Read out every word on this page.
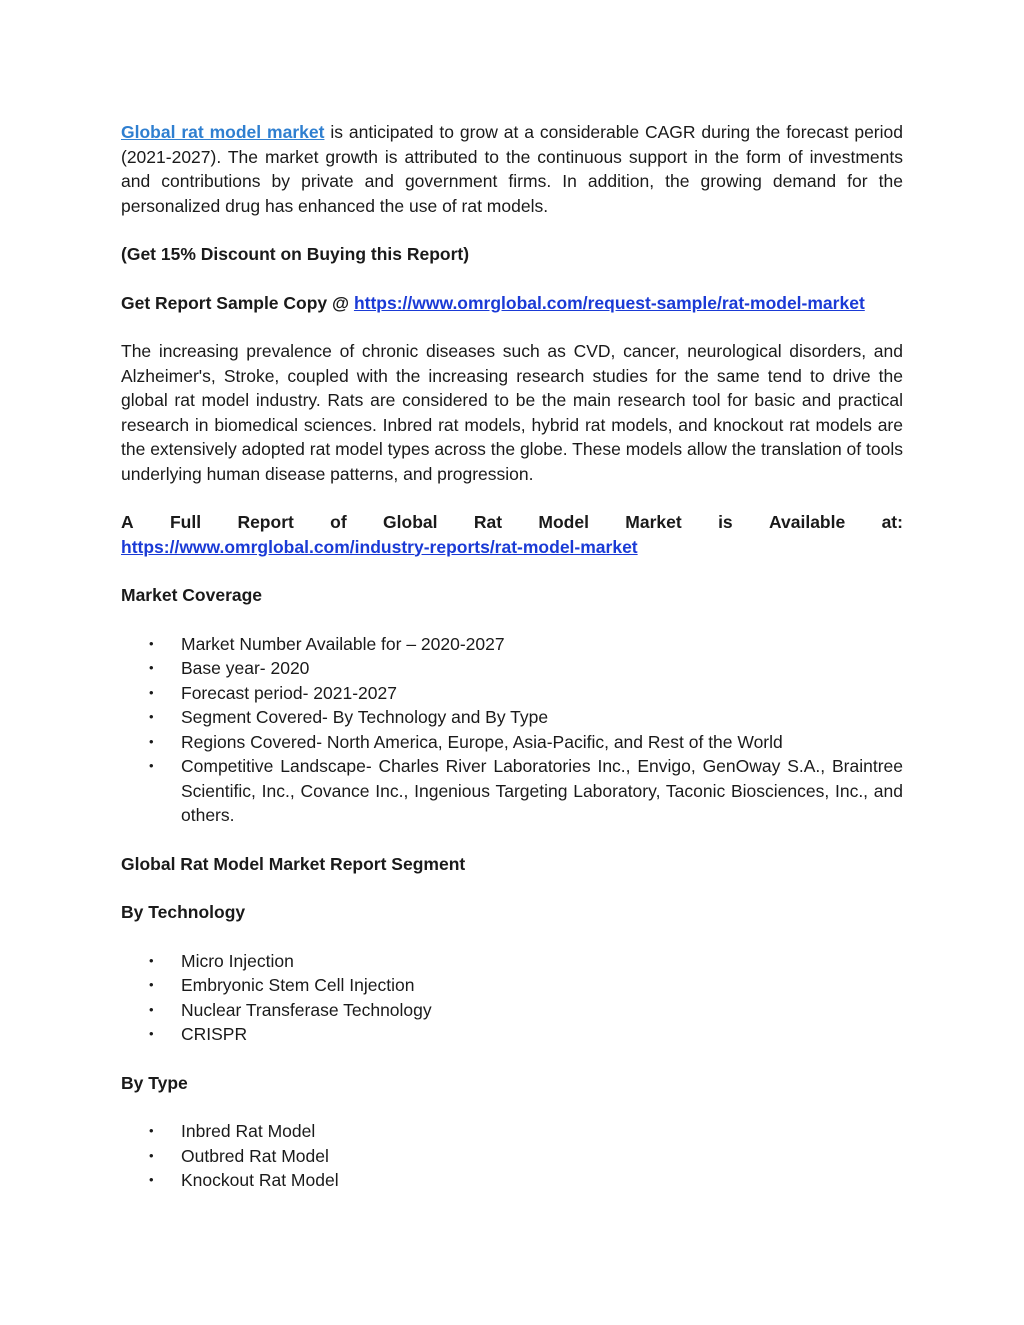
Global rat model market is anticipated to grow at a considerable CAGR during the forecast period (2021-2027). The market growth is attributed to the continuous support in the form of investments and contributions by private and government firms. In addition, the growing demand for the personalized drug has enhanced the use of rat models.

(Get 15% Discount on Buying this Report)

Get Report Sample Copy @ https://www.omrglobal.com/request-sample/rat-model-market

The increasing prevalence of chronic diseases such as CVD, cancer, neurological disorders, and Alzheimer's, Stroke, coupled with the increasing research studies for the same tend to drive the global rat model industry. Rats are considered to be the main research tool for basic and practical research in biomedical sciences. Inbred rat models, hybrid rat models, and knockout rat models are the extensively adopted rat model types across the globe. These models allow the translation of tools underlying human disease patterns, and progression.

A Full Report of Global Rat Model Market is Available at:
https://www.omrglobal.com/industry-reports/rat-model-market

Market Coverage

• Market Number Available for – 2020-2027
• Base year- 2020
• Forecast period- 2021-2027
• Segment Covered- By Technology and By Type
• Regions Covered- North America, Europe, Asia-Pacific, and Rest of the World
• Competitive Landscape- Charles River Laboratories Inc., Envigo, GenOway S.A., Braintree Scientific, Inc., Covance Inc., Ingenious Targeting Laboratory, Taconic Biosciences, Inc., and others.

Global Rat Model Market Report Segment

By Technology

• Micro Injection
• Embryonic Stem Cell Injection
• Nuclear Transferase Technology
• CRISPR

By Type

• Inbred Rat Model
• Outbred Rat Model
• Knockout Rat Model
